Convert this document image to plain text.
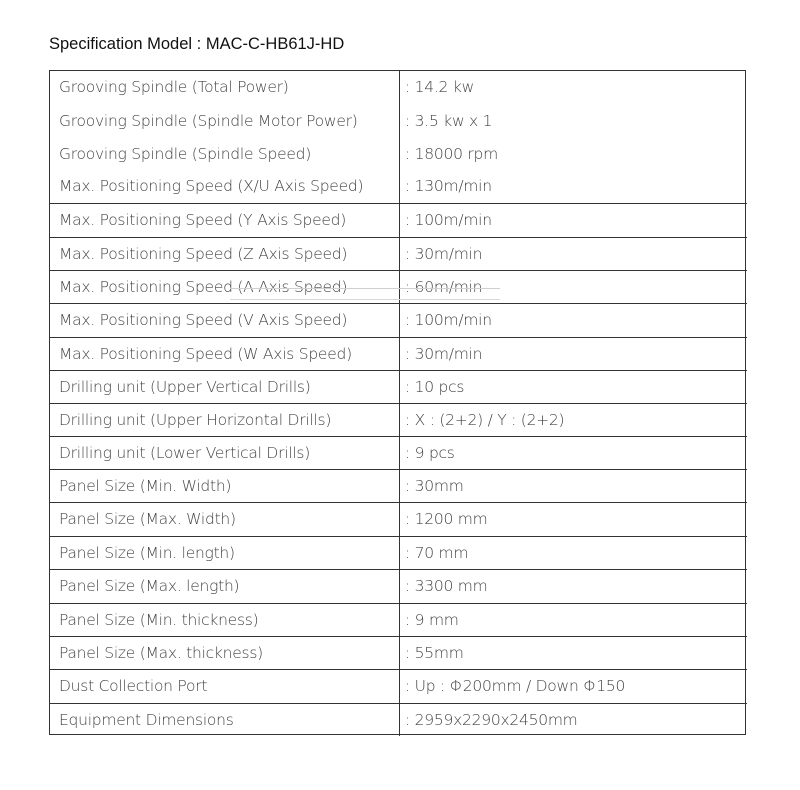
Specification Model : MAC-C-HB61J-HD
Grooving Spindle (Total Power)	: 14.2 kw
Grooving Spindle (Spindle Motor Power)	: 3.5 kw x 1
Grooving Spindle (Spindle Speed)	: 18000 rpm
Max. Positioning Speed (X/U Axis Speed)	: 130m/min
Max. Positioning Speed (Y Axis Speed)	: 100m/min
Max. Positioning Speed (Z Axis Speed)	: 30m/min
Max. Positioning Speed (A Axis Speed)	: 60m/min
Max. Positioning Speed (V Axis Speed)	: 100m/min
Max. Positioning Speed (W Axis Speed)	: 30m/min
Drilling unit (Upper Vertical Drills)	: 10 pcs
Drilling unit (Upper Horizontal Drills)	: X : (2+2) / Y : (2+2)
Drilling unit (Lower Vertical Drills)	: 9 pcs
Panel Size (Min. Width)	: 30mm
Panel Size (Max. Width)	: 1200 mm
Panel Size (Min. length)	: 70 mm
Panel Size (Max. length)	: 3300 mm
Panel Size (Min. thickness)	: 9 mm
Panel Size (Max. thickness)	: 55mm
Dust Collection Port	: Up : Φ200mm / Down Φ150
Equipment Dimensions	: 2959x2290x2450mm
